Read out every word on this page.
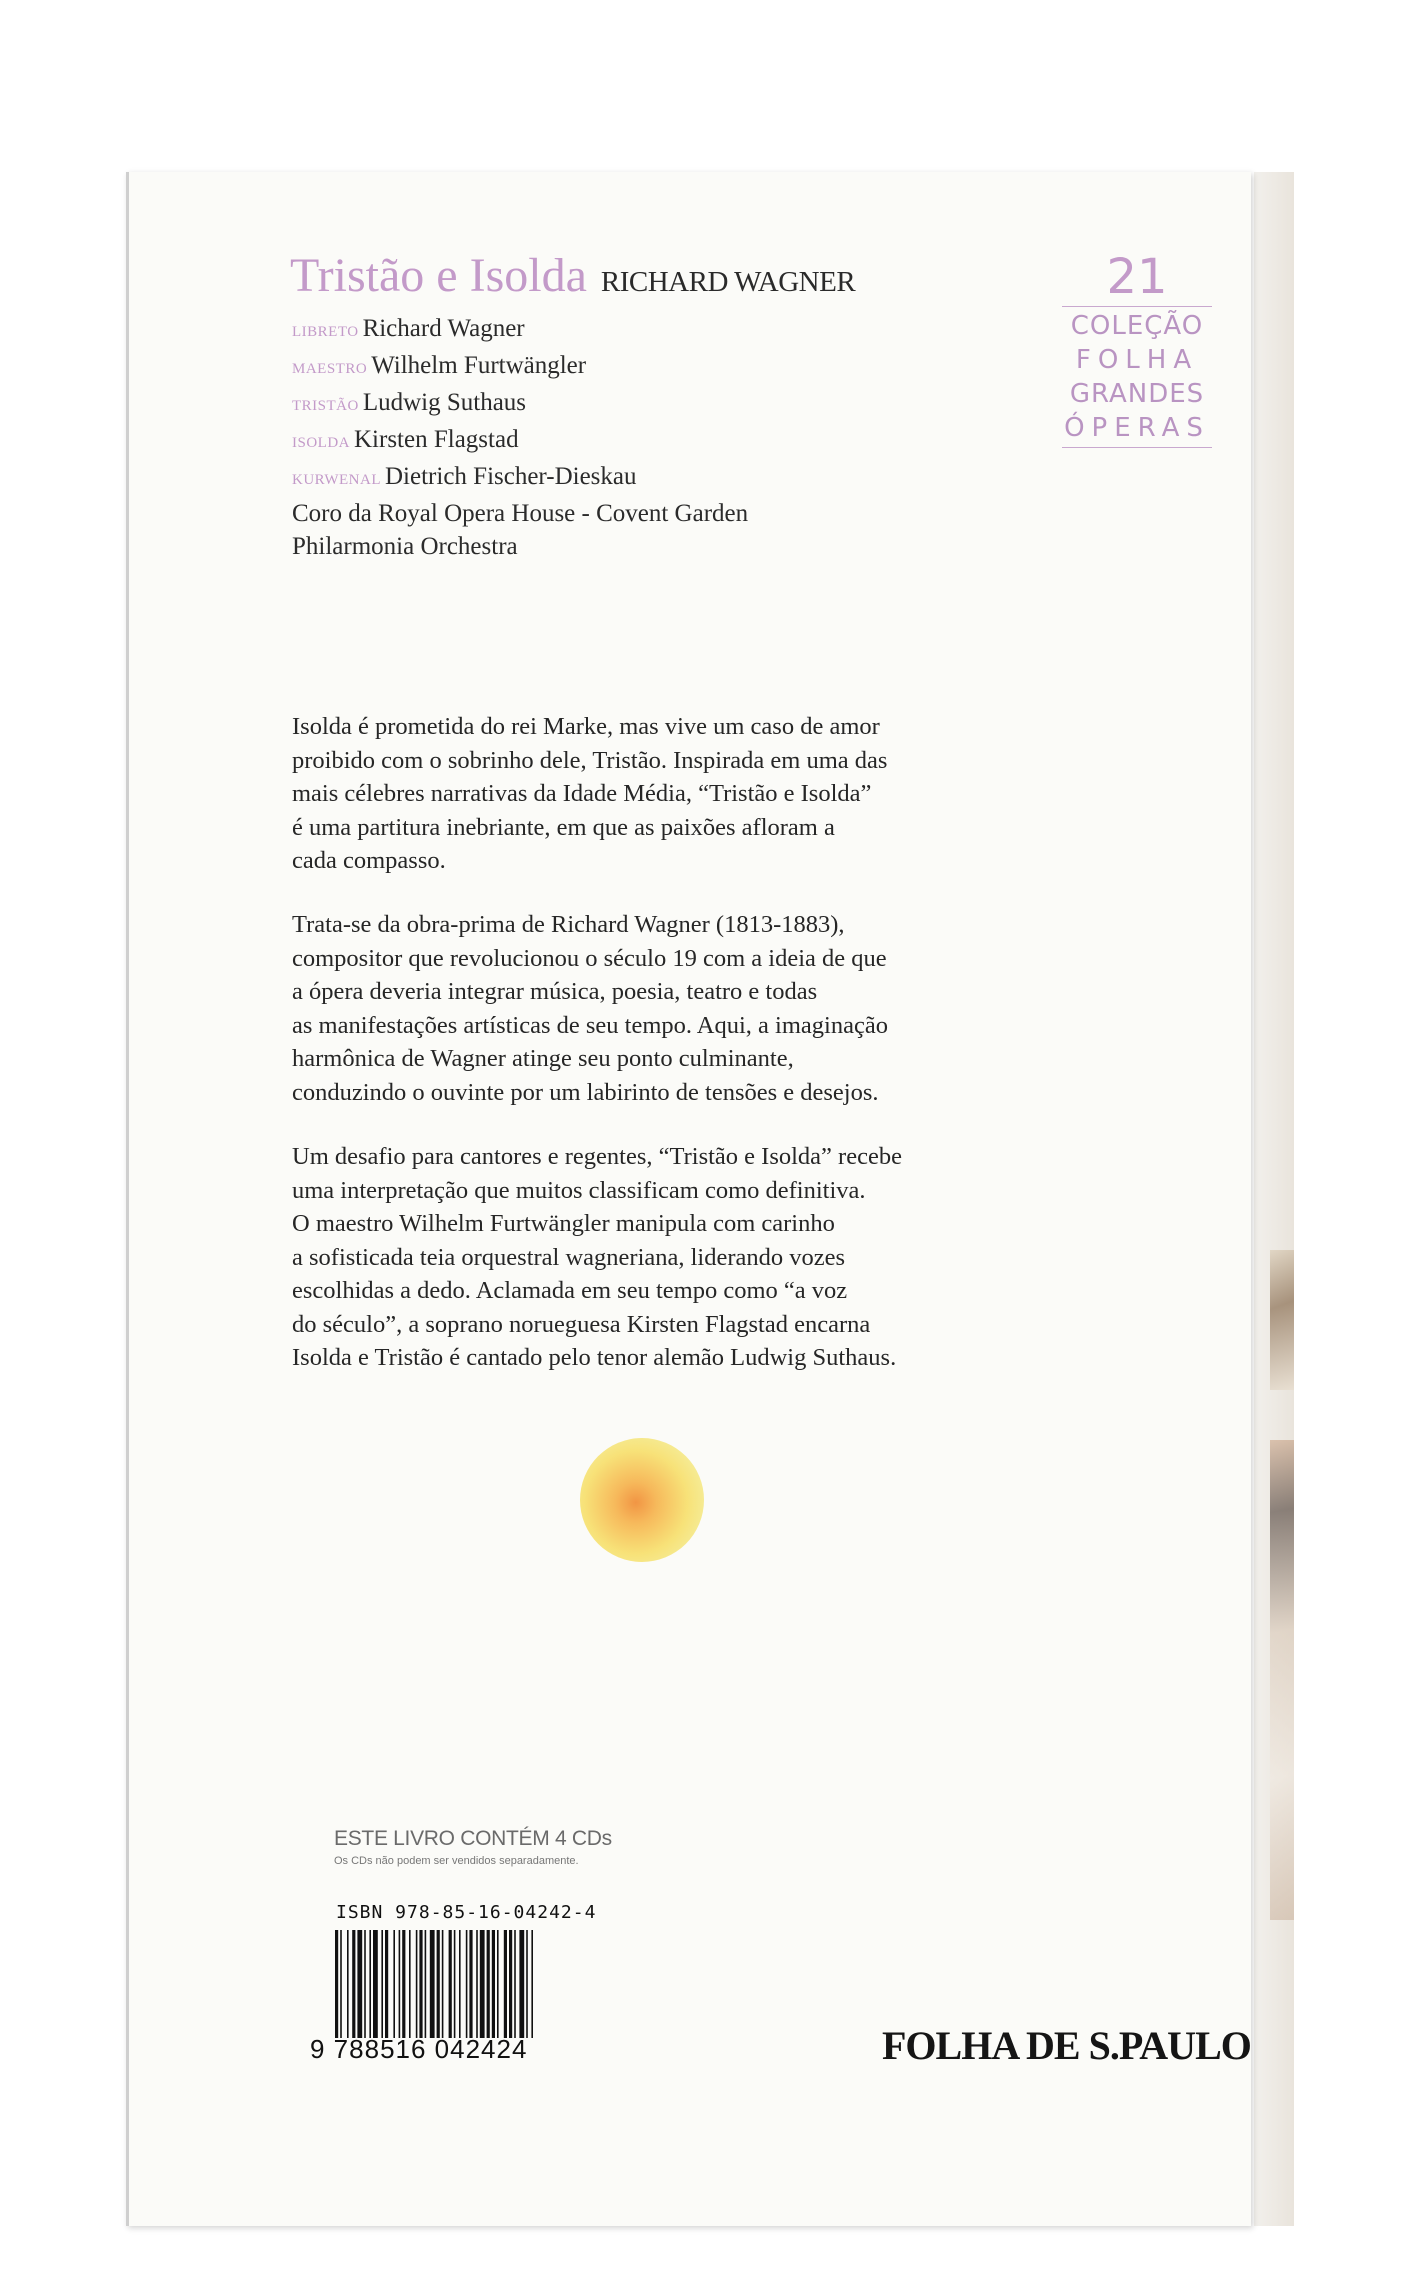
Tristão e Isolda RICHARD WAGNER
LIBRETO Richard Wagner
MAESTRO Wilhelm Furtwängler
TRISTÃO Ludwig Suthaus
ISOLDA Kirsten Flagstad
KURWENAL Dietrich Fischer-Dieskau
Coro da Royal Opera House - Covent Garden
Philarmonia Orchestra
21
COLEÇÃO
FOLHA
GRANDES
ÓPERAS

Isolda é prometida do rei Marke, mas vive um caso de amor
proibido com o sobrinho dele, Tristão. Inspirada em uma das
mais célebres narrativas da Idade Média, “Tristão e Isolda”
é uma partitura inebriante, em que as paixões afloram a
cada compasso.

Trata-se da obra-prima de Richard Wagner (1813-1883),
compositor que revolucionou o século 19 com a ideia de que
a ópera deveria integrar música, poesia, teatro e todas
as manifestações artísticas de seu tempo. Aqui, a imaginação
harmônica de Wagner atinge seu ponto culminante,
conduzindo o ouvinte por um labirinto de tensões e desejos.

Um desafio para cantores e regentes, “Tristão e Isolda” recebe
uma interpretação que muitos classificam como definitiva.
O maestro Wilhelm Furtwängler manipula com carinho
a sofisticada teia orquestral wagneriana, liderando vozes
escolhidas a dedo. Aclamada em seu tempo como “a voz
do século”, a soprano norueguesa Kirsten Flagstad encarna
Isolda e Tristão é cantado pelo tenor alemão Ludwig Suthaus.

ESTE LIVRO CONTÉM 4 CDs
Os CDs não podem ser vendidos separadamente.
ISBN 978-85-16-04242-4
9 788516 042424	FOLHA DE S.PAULO
